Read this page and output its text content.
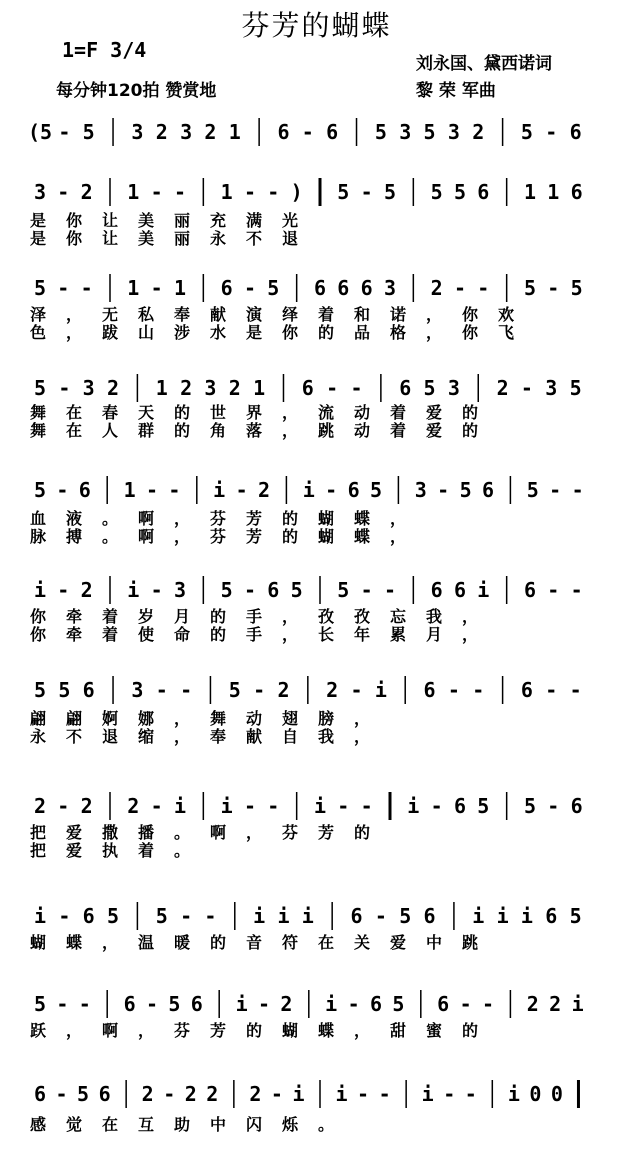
芬芳的蝴蝶
1=F 3/4
每分钟120拍 赞赏地
刘永国、黛西诺词
黎 荣 军曲
(5 - 5 3 2 3 2 1 6 - 6 5 3 5 3 2 5 - 6
3 - 2 1 - - 1 - - ) 5 - 5 5 5 6 1 1 6
是你让美丽充满光
是你让美丽永不退
5 - - 1 - 1 6 - 5 6 6 6 3 2 - - 5 - 5
泽，无私奉献演绎着和诺，你欢
色，跋山涉水是你的品格，你飞
5 - 3 2 1 2 3 2 1 6 - - 6 5 3 2 - 3 5
舞在春天的世界，流动着爱的
舞在人群的角落，跳动着爱的
5 - 6 1 - - i - 2 i - 6 5 3 - 5 6 5 - -
血液。啊，芬芳的蝴蝶，
脉搏。啊，芬芳的蝴蝶，
i - 2 i - 3 5 - 6 5 5 - - 6 6 i 6 - -
你牵着岁月的手，孜孜忘我，
你牵着使命的手，长年累月，
5 5 6 3 - - 5 - 2 2 - i 6 - - 6 - -
翩翩婀娜，舞动翅膀，
永不退缩，奉献自我，
2 - 2 2 - i i - - i - - i - 6 5 5 - 6
把爱撒播。啊，芬芳的
把爱执着。
i - 6 5 5 - - i i i 6 - 5 6 i i i 6 5
蝴蝶，温暖的音符在关爱中跳
5 - - 6 - 5 6 i - 2 i - 6 5 6 - - 2 2 i
跃，啊，芬芳的蝴蝶，甜蜜的
6 - 5 6 2 - 2 2 2 - i i - - i - - i 0 0
感觉在互助中闪烁。
